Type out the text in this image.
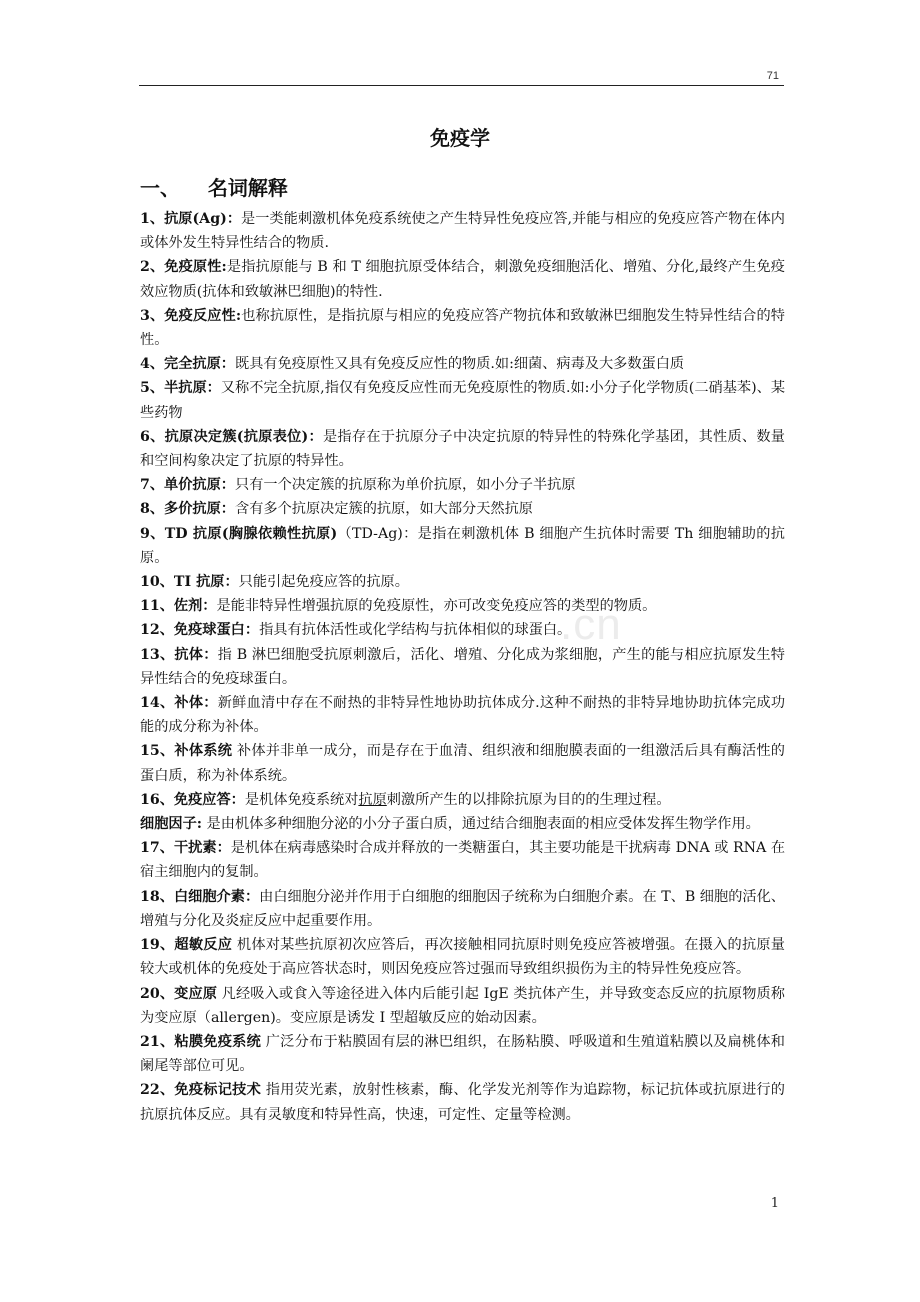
71
免疫学
一、 名词解释
.cn

1、抗原(Ag)：是一类能刺激机体免疫系统使之产生特异性免疫应答,并能与相应的免疫应答产物在体内或体外发生特异性结合的物质.

2、免疫原性:是指抗原能与 B 和 T 细胞抗原受体结合，刺激免疫细胞活化、增殖、分化,最终产生免疫效应物质(抗体和致敏淋巴细胞)的特性.

3、免疫反应性:也称抗原性，是指抗原与相应的免疫应答产物抗体和致敏淋巴细胞发生特异性结合的特性。

4、完全抗原：既具有免疫原性又具有免疫反应性的物质.如:细菌、病毒及大多数蛋白质

5、半抗原：又称不完全抗原,指仅有免疫反应性而无免疫原性的物质.如:小分子化学物质(二硝基苯)、某些药物

6、抗原决定簇(抗原表位)：是指存在于抗原分子中决定抗原的特异性的特殊化学基团，其性质、数量和空间构象决定了抗原的特异性。

7、单价抗原：只有一个决定簇的抗原称为单价抗原，如小分子半抗原

8、多价抗原：含有多个抗原决定簇的抗原，如大部分天然抗原

9、TD 抗原(胸腺依赖性抗原)（TD-Ag)：是指在刺激机体 B 细胞产生抗体时需要 Th 细胞辅助的抗原。

10、TI 抗原：只能引起免疫应答的抗原。

11、佐剂：是能非特异性增强抗原的免疫原性，亦可改变免疫应答的类型的物质。

12、免疫球蛋白：指具有抗体活性或化学结构与抗体相似的球蛋白。

13、抗体：指 B 淋巴细胞受抗原刺激后，活化、增殖、分化成为浆细胞，产生的能与相应抗原发生特异性结合的免疫球蛋白。

14、补体：新鲜血清中存在不耐热的非特异性地协助抗体成分.这种不耐热的非特异地协助抗体完成功能的成分称为补体。

15、补体系统 补体并非单一成分，而是存在于血清、组织液和细胞膜表面的一组激活后具有酶活性的蛋白质，称为补体系统。

16、免疫应答：是机体免疫系统对抗原刺激所产生的以排除抗原为目的的生理过程。

细胞因子: 是由机体多种细胞分泌的小分子蛋白质，通过结合细胞表面的相应受体发挥生物学作用。

17、干扰素：是机体在病毒感染时合成并释放的一类糖蛋白，其主要功能是干扰病毒 DNA 或 RNA 在宿主细胞内的复制。

18、白细胞介素：由白细胞分泌并作用于白细胞的细胞因子统称为白细胞介素。在 T、B 细胞的活化、增殖与分化及炎症反应中起重要作用。

19、超敏反应 机体对某些抗原初次应答后，再次接触相同抗原时则免疫应答被增强。在摄入的抗原量较大或机体的免疫处于高应答状态时，则因免疫应答过强而导致组织损伤为主的特异性免疫应答。

20、变应原 凡经吸入或食入等途径进入体内后能引起 IgE 类抗体产生，并导致变态反应的抗原物质称为变应原（allergen)。变应原是诱发 I 型超敏反应的始动因素。

21、粘膜免疫系统 广泛分布于粘膜固有层的淋巴组织，在肠粘膜、呼吸道和生殖道粘膜以及扁桃体和阑尾等部位可见。

22、免疫标记技术 指用荧光素，放射性核素，酶、化学发光剂等作为追踪物，标记抗体或抗原进行的抗原抗体反应。具有灵敏度和特异性高，快速，可定性、定量等检测。

1
